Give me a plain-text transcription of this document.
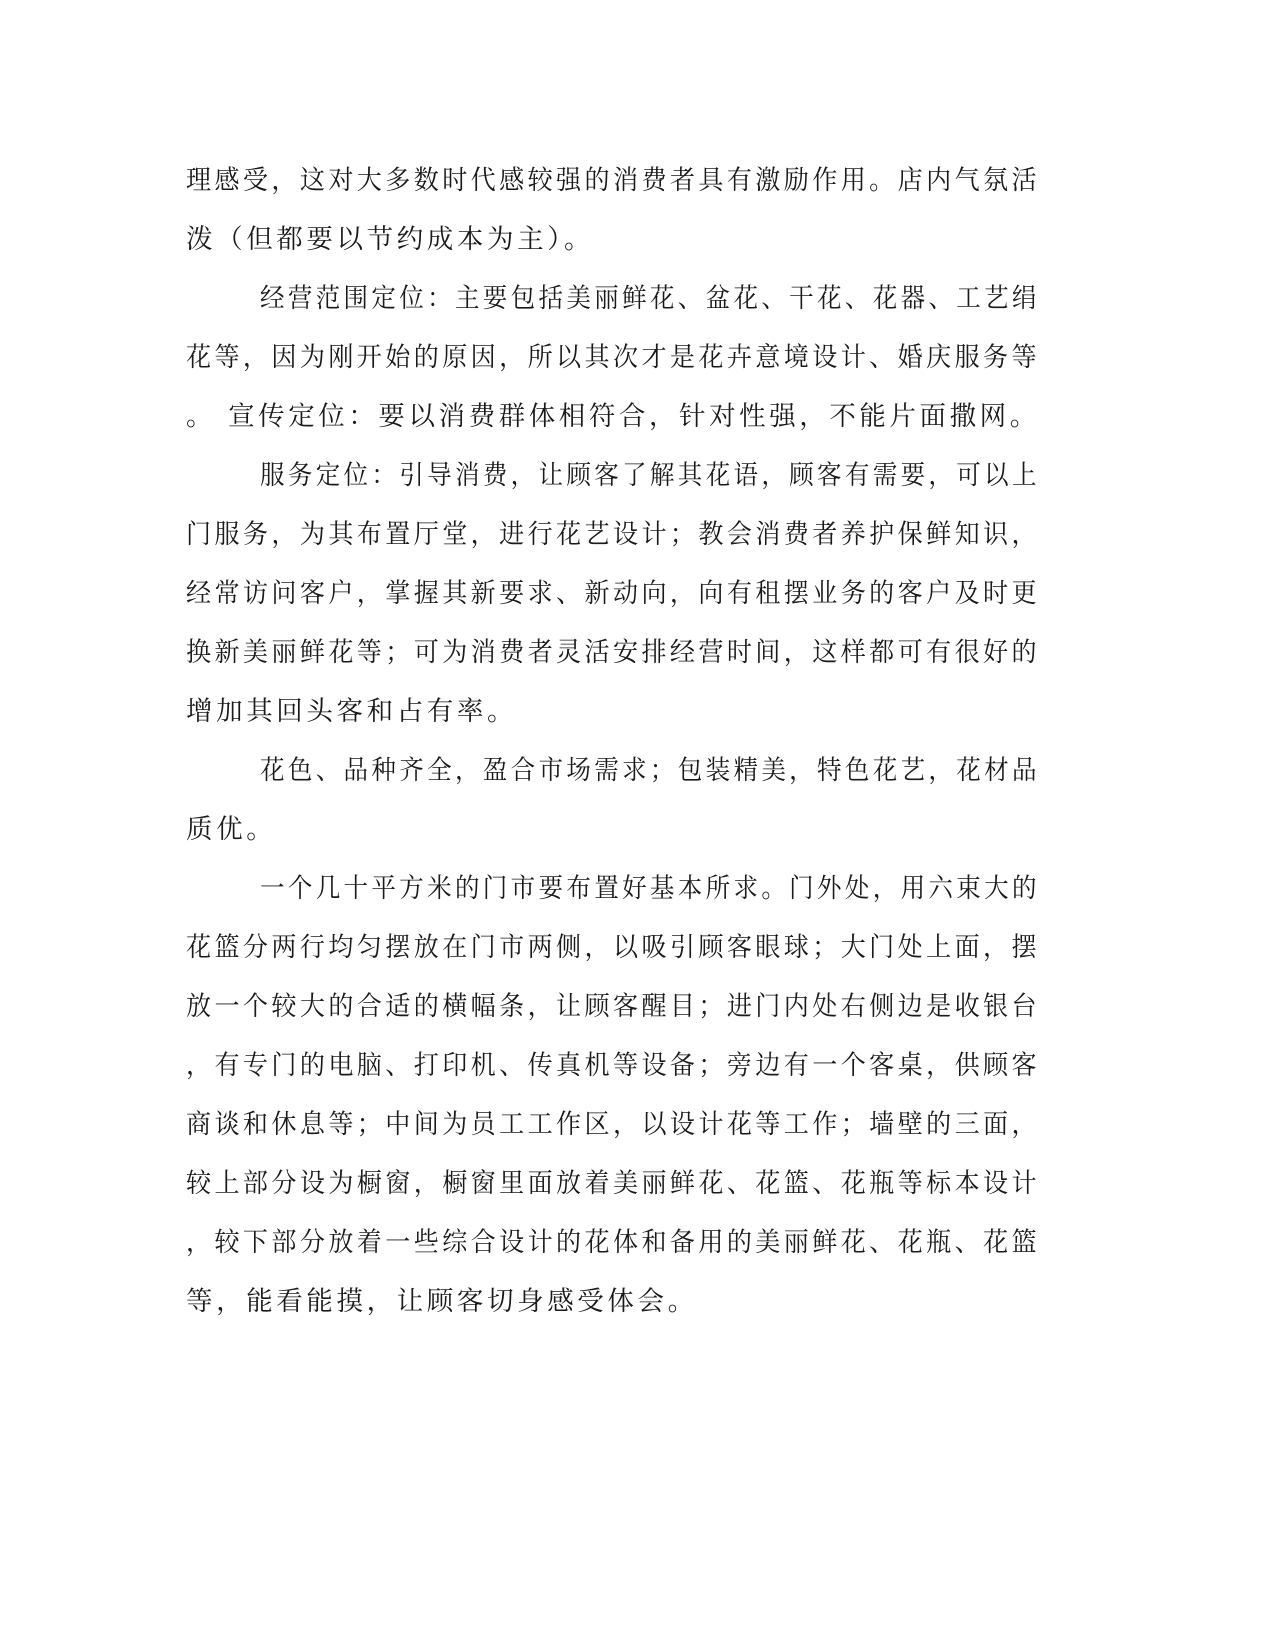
理感受，这对大多数时代感较强的消费者具有激励作用。店内气氛活
泼（但都要以节约成本为主）。
经营范围定位：主要包括美丽鲜花、盆花、干花、花器、工艺绢
花等，因为刚开始的原因，所以其次才是花卉意境设计、婚庆服务等
。 宣传定位：要以消费群体相符合，针对性强，不能片面撒网。
服务定位：引导消费，让顾客了解其花语，顾客有需要，可以上
门服务，为其布置厅堂，进行花艺设计；教会消费者养护保鲜知识，
经常访问客户，掌握其新要求、新动向，向有租摆业务的客户及时更
换新美丽鲜花等；可为消费者灵活安排经营时间，这样都可有很好的
增加其回头客和占有率。
花色、品种齐全，盈合市场需求；包装精美，特色花艺，花材品
质优。
一个几十平方米的门市要布置好基本所求。门外处，用六束大的
花篮分两行均匀摆放在门市两侧，以吸引顾客眼球；大门处上面，摆
放一个较大的合适的横幅条，让顾客醒目；进门内处右侧边是收银台
，有专门的电脑、打印机、传真机等设备；旁边有一个客桌，供顾客
商谈和休息等；中间为员工工作区，以设计花等工作；墙壁的三面，
较上部分设为橱窗，橱窗里面放着美丽鲜花、花篮、花瓶等标本设计
，较下部分放着一些综合设计的花体和备用的美丽鲜花、花瓶、花篮
等，能看能摸，让顾客切身感受体会。
